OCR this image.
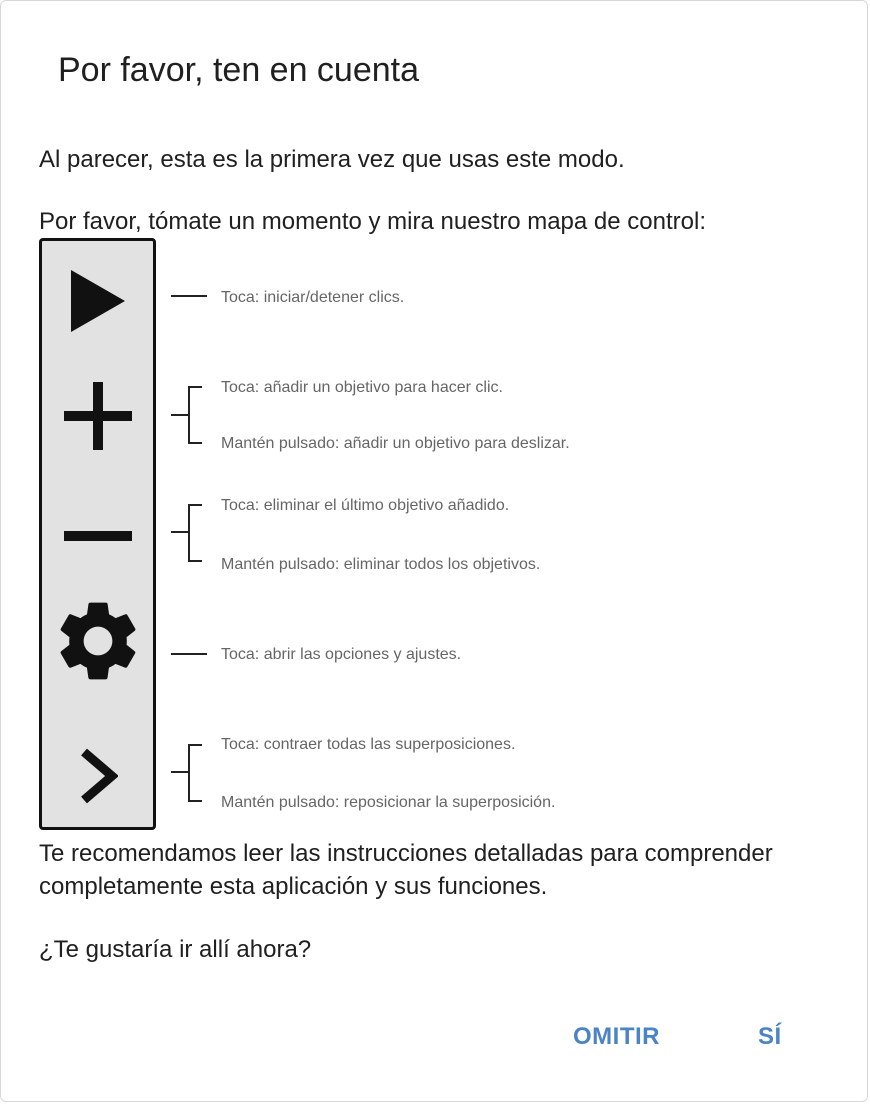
Por favor, ten en cuenta

Al parecer, esta es la primera vez que usas este modo.

Por favor, tómate un momento y mira nuestro mapa de control:

Toca: iniciar/detener clics.
Toca: añadir un objetivo para hacer clic.
Mantén pulsado: añadir un objetivo para deslizar.
Toca: eliminar el último objetivo añadido.
Mantén pulsado: eliminar todos los objetivos.
Toca: abrir las opciones y ajustes.
Toca: contraer todas las superposiciones.
Mantén pulsado: reposicionar la superposición.

Te recomendamos leer las instrucciones detalladas para comprender completamente esta aplicación y sus funciones.

¿Te gustaría ir allí ahora?

OMITIR	SÍ
